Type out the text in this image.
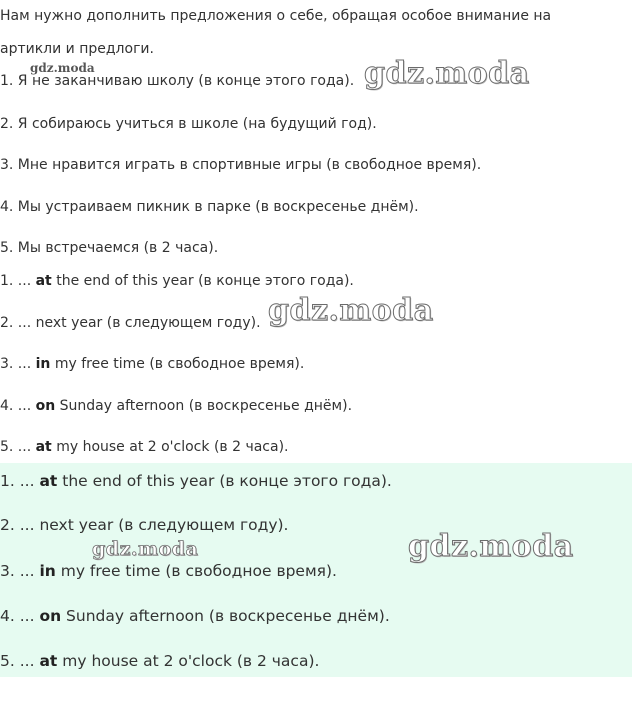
Нам нужно дополнить предложения о себе, обращая особое внимание на
артикли и предлоги.
1. Я не заканчиваю школу (в конце этого года).
2. Я собираюсь учиться в школе (на будущий год).
3. Мне нравится играть в спортивные игры (в свободное время).
4. Мы устраиваем пикник в парке (в воскресенье днём).
5. Мы встречаемся (в 2 часа).
1. ... at the end of this year (в конце этого года).
2. ... next year (в следующем году).
3. ... in my free time (в свободное время).
4. ... on Sunday afternoon (в воскресенье днём).
5. ... at my house at 2 o'clock (в 2 часа).
1. ... at the end of this year (в конце этого года).
2. ... next year (в следующем году).
3. ... in my free time (в свободное время).
4. ... on Sunday afternoon (в воскресенье днём).
5. ... at my house at 2 o'clock (в 2 часа).
gdz.moda	gdz.moda
gdz.moda
gdz.moda	gdz.moda
